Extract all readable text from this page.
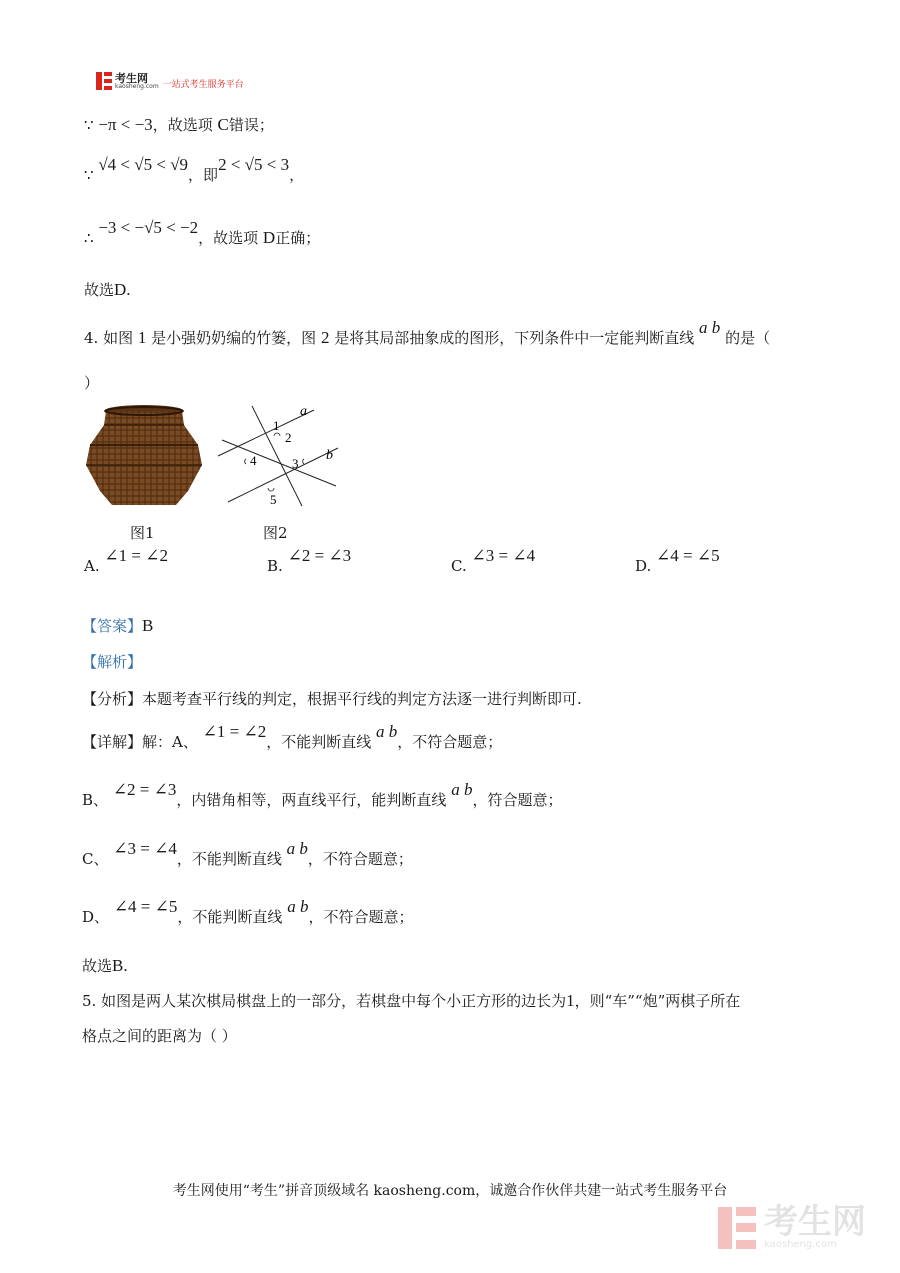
考生网
kaosheng.com 一站式考生服务平台
∵ −π < −3，故选项 C错误；
∵ √4 < √5 < √9，即2 < √5 < 3，
∴ −3 < −√5 < −2，故选项 D正确；
故选D.
4. 如图 1 是小强奶奶编的竹篓，图 2 是将其局部抽象成的图形，下列条件中一定能判断直线 a b 的是（
）
图1
a
b
1
2
3
4
5
图2
A. ∠1 = ∠2
B. ∠2 = ∠3
C. ∠3 = ∠4
D. ∠4 = ∠5
【答案】B
【解析】
【分析】本题考查平行线的判定，根据平行线的判定方法逐一进行判断即可.
【详解】解：A、 ∠1 = ∠2，不能判断直线 a b，不符合题意；
B、 ∠2 = ∠3，内错角相等，两直线平行，能判断直线 a b，符合题意；
C、 ∠3 = ∠4，不能判断直线 a b，不符合题意；
D、 ∠4 = ∠5，不能判断直线 a b，不符合题意；
故选B.
5. 如图是两人某次棋局棋盘上的一部分，若棋盘中每个小正方形的边长为1，则“车”“炮”两棋子所在
格点之间的距离为（ ）
考生网使用“考生”拼音顶级域名 kaosheng.com，诚邀合作伙伴共建一站式考生服务平台
考生网
kaosheng.com
